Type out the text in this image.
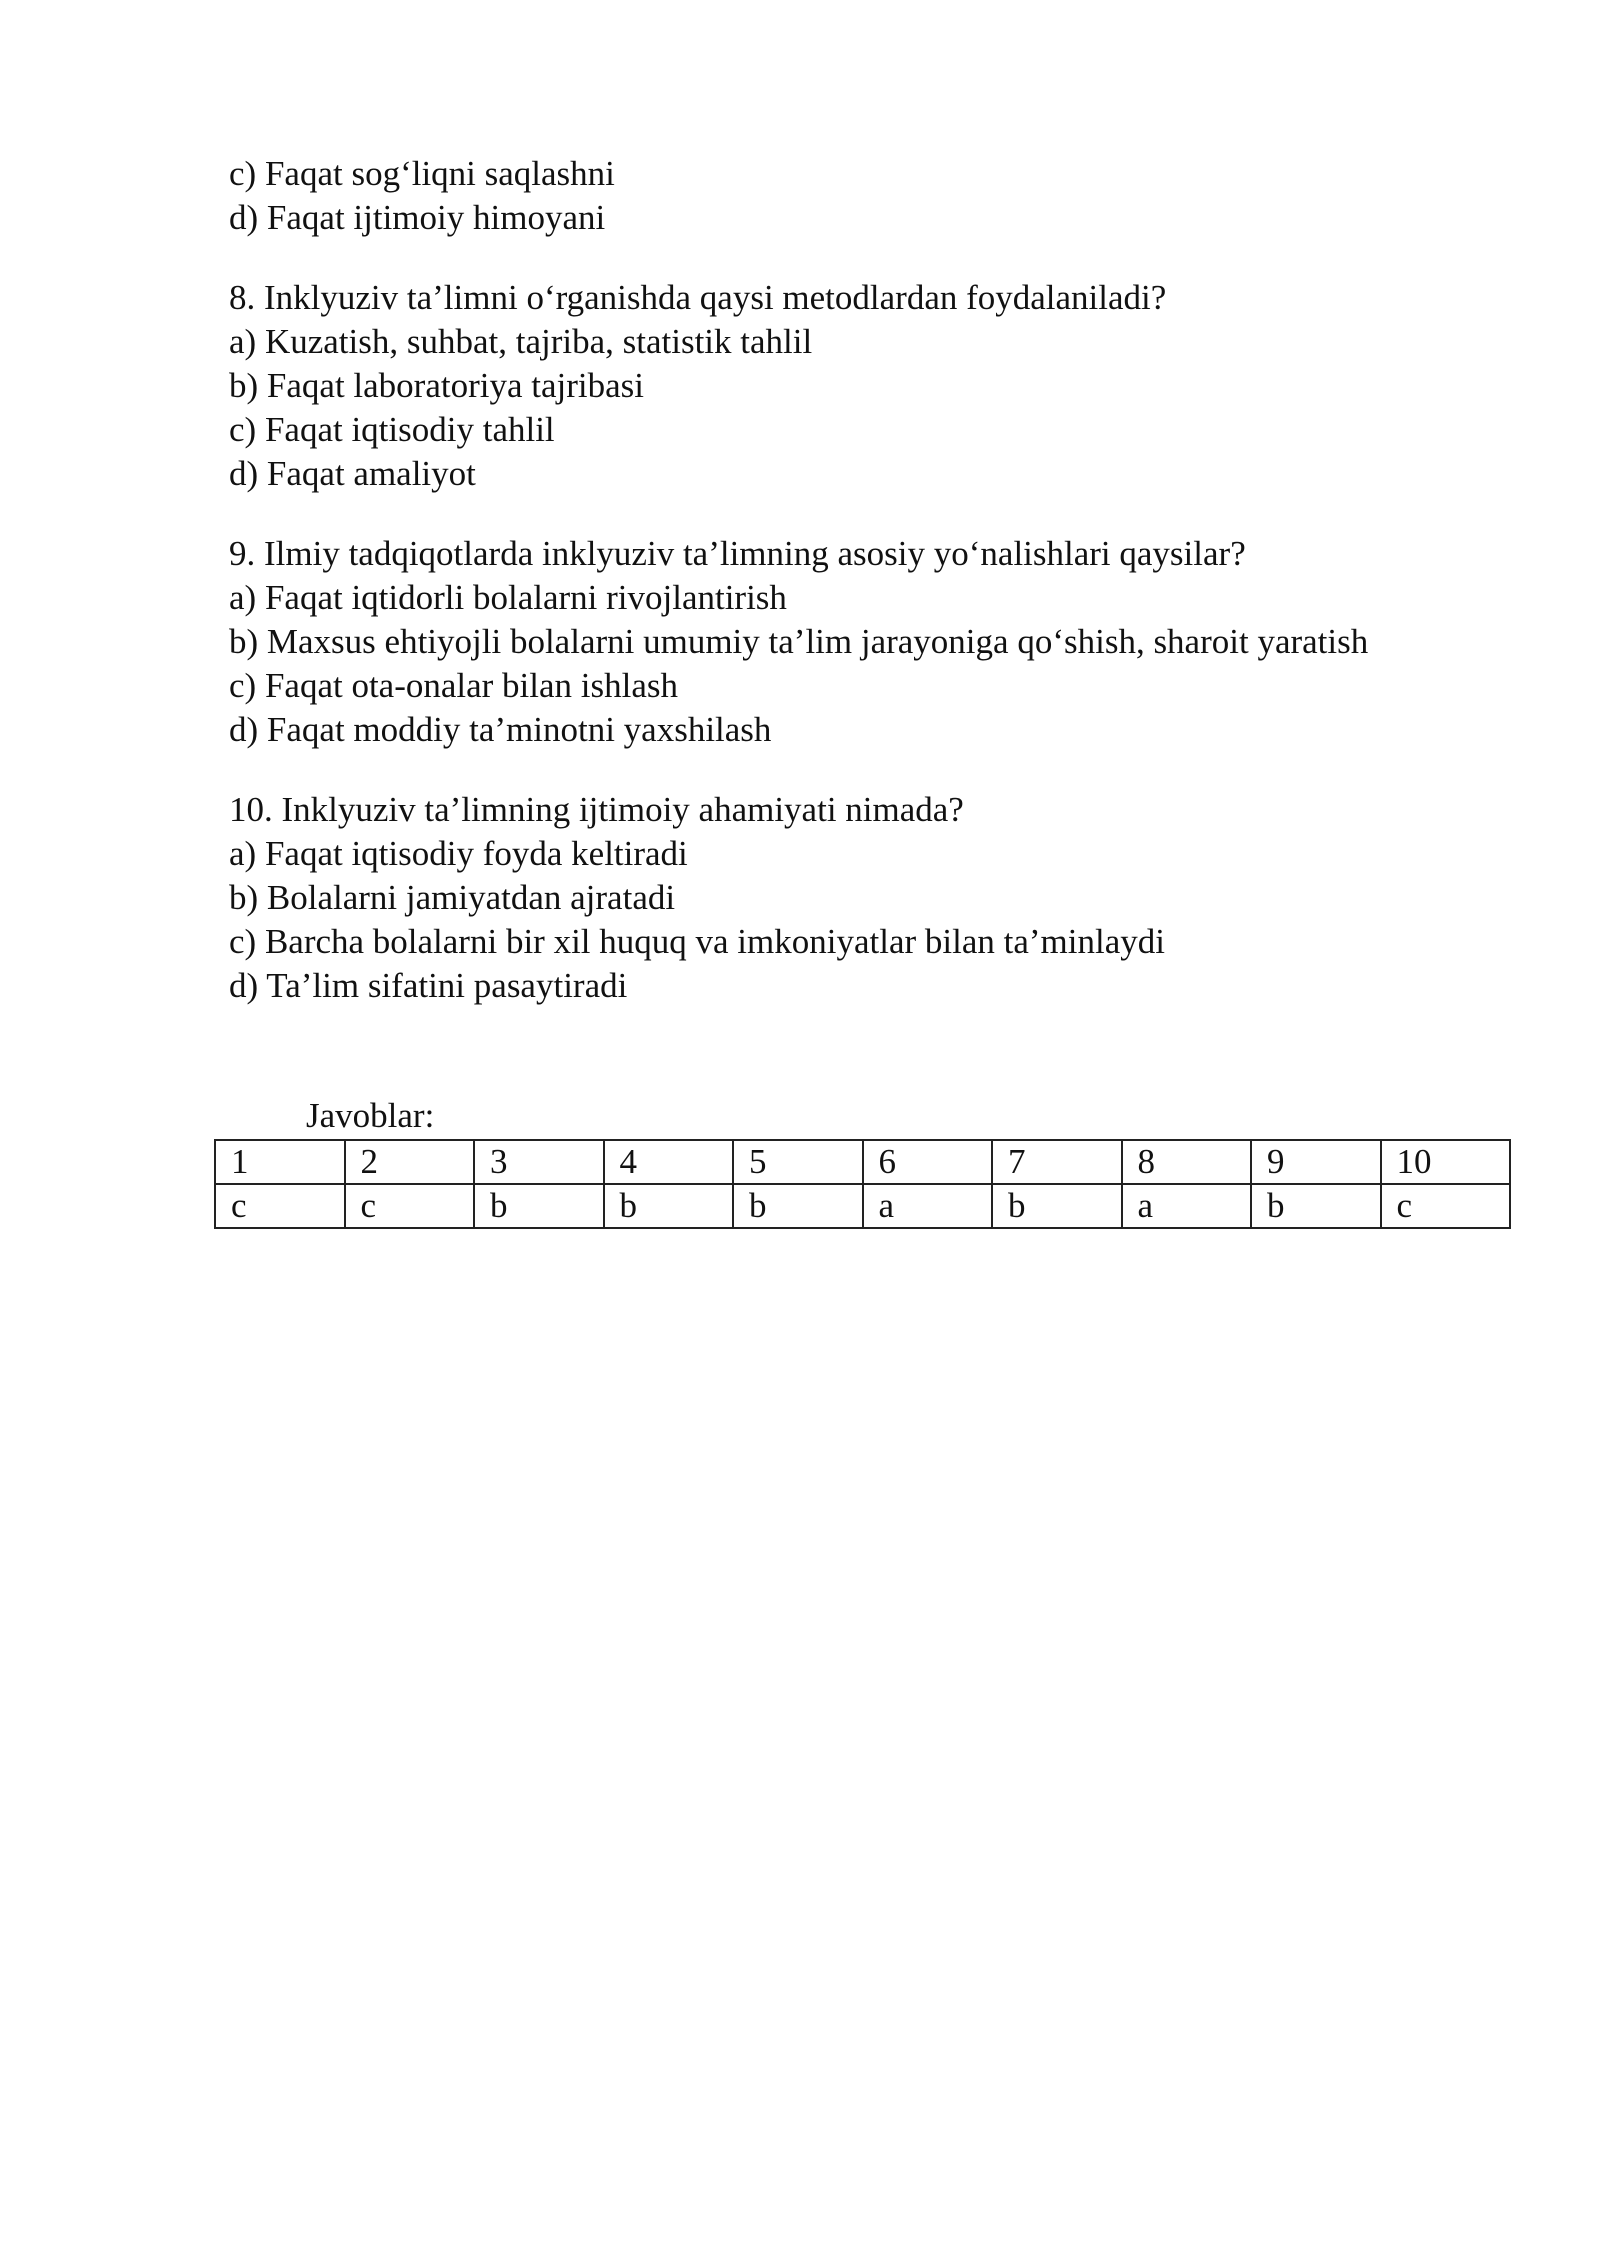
c) Faqat sog‘liqni saqlashni
d) Faqat ijtimoiy himoyani
8. Inklyuziv ta’limni o‘rganishda qaysi metodlardan foydalaniladi?
a) Kuzatish, suhbat, tajriba, statistik tahlil
b) Faqat laboratoriya tajribasi
c) Faqat iqtisodiy tahlil
d) Faqat amaliyot
9. Ilmiy tadqiqotlarda inklyuziv ta’limning asosiy yo‘nalishlari qaysilar?
a) Faqat iqtidorli bolalarni rivojlantirish
b) Maxsus ehtiyojli bolalarni umumiy ta’lim jarayoniga qo‘shish, sharoit yaratish
c) Faqat ota-onalar bilan ishlash
d) Faqat moddiy ta’minotni yaxshilash
10. Inklyuziv ta’limning ijtimoiy ahamiyati nimada?
a) Faqat iqtisodiy foyda keltiradi
b) Bolalarni jamiyatdan ajratadi
c) Barcha bolalarni bir xil huquq va imkoniyatlar bilan ta’minlaydi
d) Ta’lim sifatini pasaytiradi
Javoblar:
1	2	3	4	5	6	7	8	9	10
c	c	b	b	b	a	b	a	b	c
